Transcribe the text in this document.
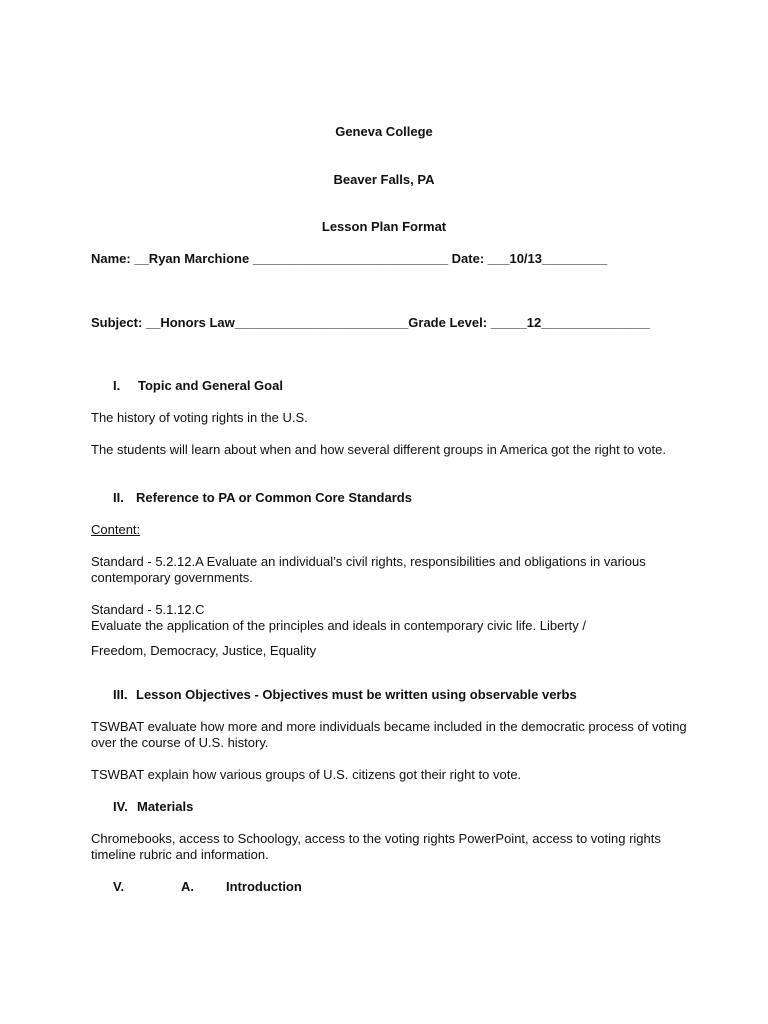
Geneva College
Beaver Falls, PA
Lesson Plan Format
Name: __Ryan Marchione ___________________________ Date: ___10/13_________
Subject: __Honors Law________________________Grade Level: _____12_______________
I. Topic and General Goal
The history of voting rights in the U.S.
The students will learn about when and how several different groups in America got the right to vote.
II. Reference to PA or Common Core Standards
Content:
Standard - 5.2.12.A Evaluate an individual’s civil rights, responsibilities and obligations in various contemporary governments.
Standard - 5.1.12.C
Evaluate the application of the principles and ideals in contemporary civic life. Liberty /
Freedom, Democracy, Justice, Equality
III. Lesson Objectives - Objectives must be written using observable verbs
TSWBAT evaluate how more and more individuals became included in the democratic process of voting over the course of U.S. history.
TSWBAT explain how various groups of U.S. citizens got their right to vote.
IV. Materials
Chromebooks, access to Schoology, access to the voting rights PowerPoint, access to voting rights timeline rubric and information.
V.	A. Introduction
